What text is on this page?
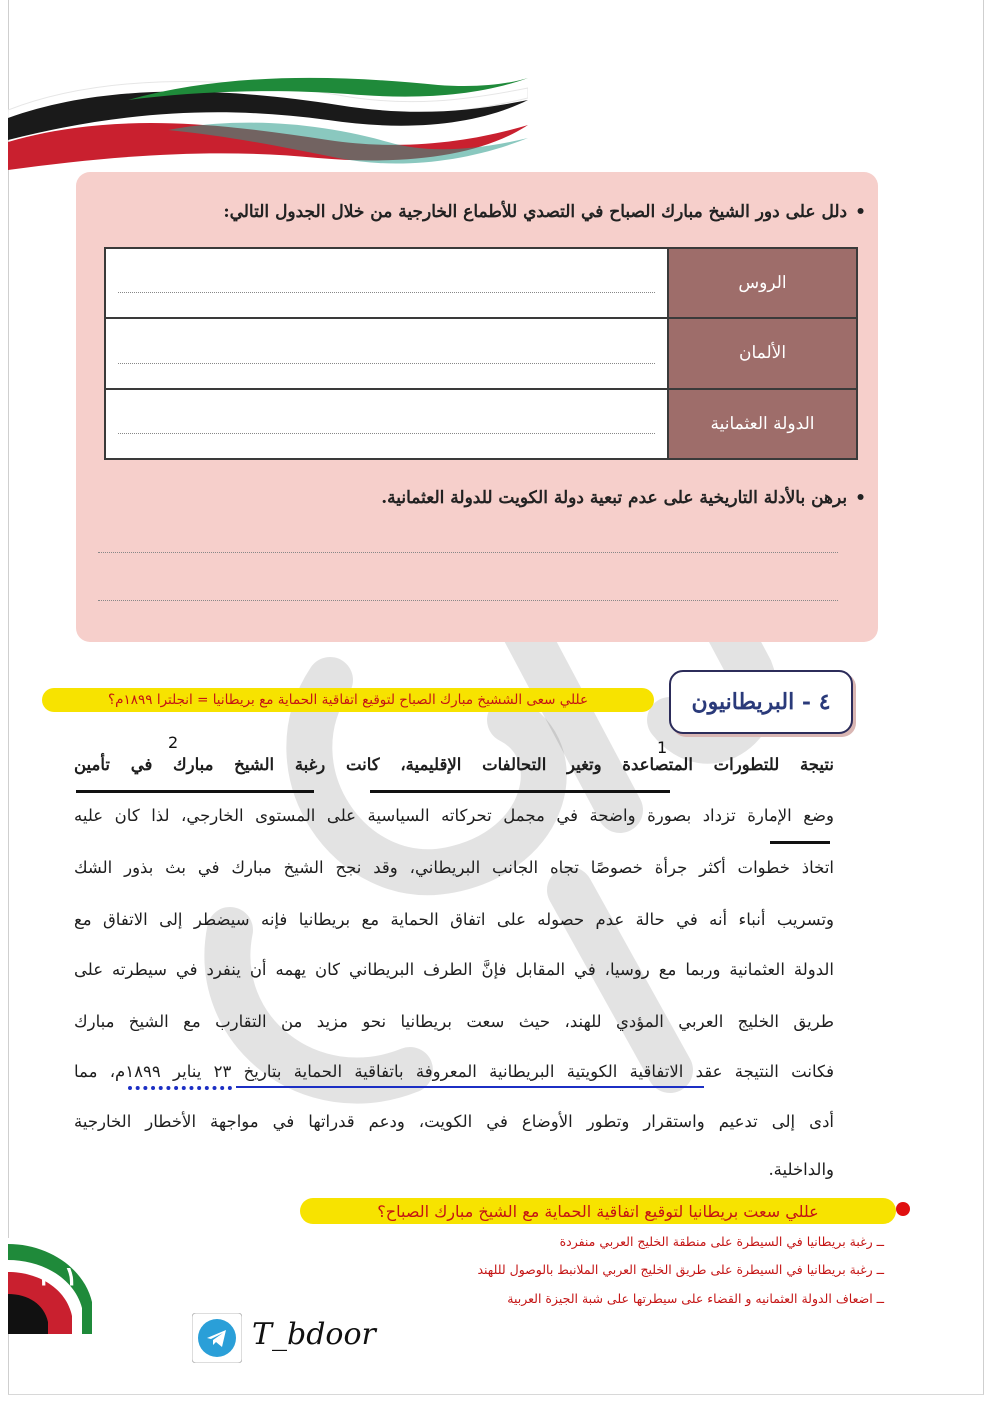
•دلل على دور الشيخ مبارك الصباح في التصدي للأطماع الخارجية من خلال الجدول التالي:
الروس	

الألمان	

الدولة العثمانية	
•برهن بالأدلة التاريخية على عدم تبعية دولة الكويت للدولة العثمانية.
٤ - البريطانيون
عللي سعى الششيخ مبارك الصباح لتوقيع اتفاقية الحماية مع بريطانيا = انجلترا ١٨٩٩م؟
1
2
نتيجة للتطورات المتصاعدة وتغير التحالفات الإقليمية، كانت رغبة الشيخ مبارك في تأمين
وضع الإمارة تزداد بصورة واضحة في مجمل تحركاته السياسية على المستوى الخارجي، لذا كان عليه
اتخاذ خطوات أكثر جرأة خصوصًا تجاه الجانب البريطاني، وقد نجح الشيخ مبارك في بث بذور الشك
وتسريب أنباء أنه في حالة عدم حصوله على اتفاق الحماية مع بريطانيا فإنه سيضطر إلى الاتفاق مع
الدولة العثمانية وربما مع روسيا، في المقابل فإنَّ الطرف البريطاني كان يهمه أن ينفرد في سيطرته على
طريق الخليج العربي المؤدي للهند، حيث سعت بريطانيا نحو مزيد من التقارب مع الشيخ مبارك
فكانت النتيجة عقد الاتفاقية الكويتية البريطانية المعروفة باتفاقية الحماية بتاريخ ٢٣ يناير ١٨٩٩م، مما
أدى إلى تدعيم واستقرار وتطور الأوضاع في الكويت، ودعم قدراتها في مواجهة الأخطار الخارجية
والداخلية.
عللي سعت بريطانيا لتوقيع اتفاقية الحماية مع الشيخ مبارك الصباح؟
ــ رغبة بريطانيا في السيطرة على منطقة الخليج العربي منفردة
ــ رغبة بريطانيا في السيطرة على طريق الخليج العربي الملانبط بالوصول لللهند
ــ اضعاف الدولة العثمانيه و القضاء على سيطرتها على شبة الجيزة العربية
١٠١
T_bdoor
